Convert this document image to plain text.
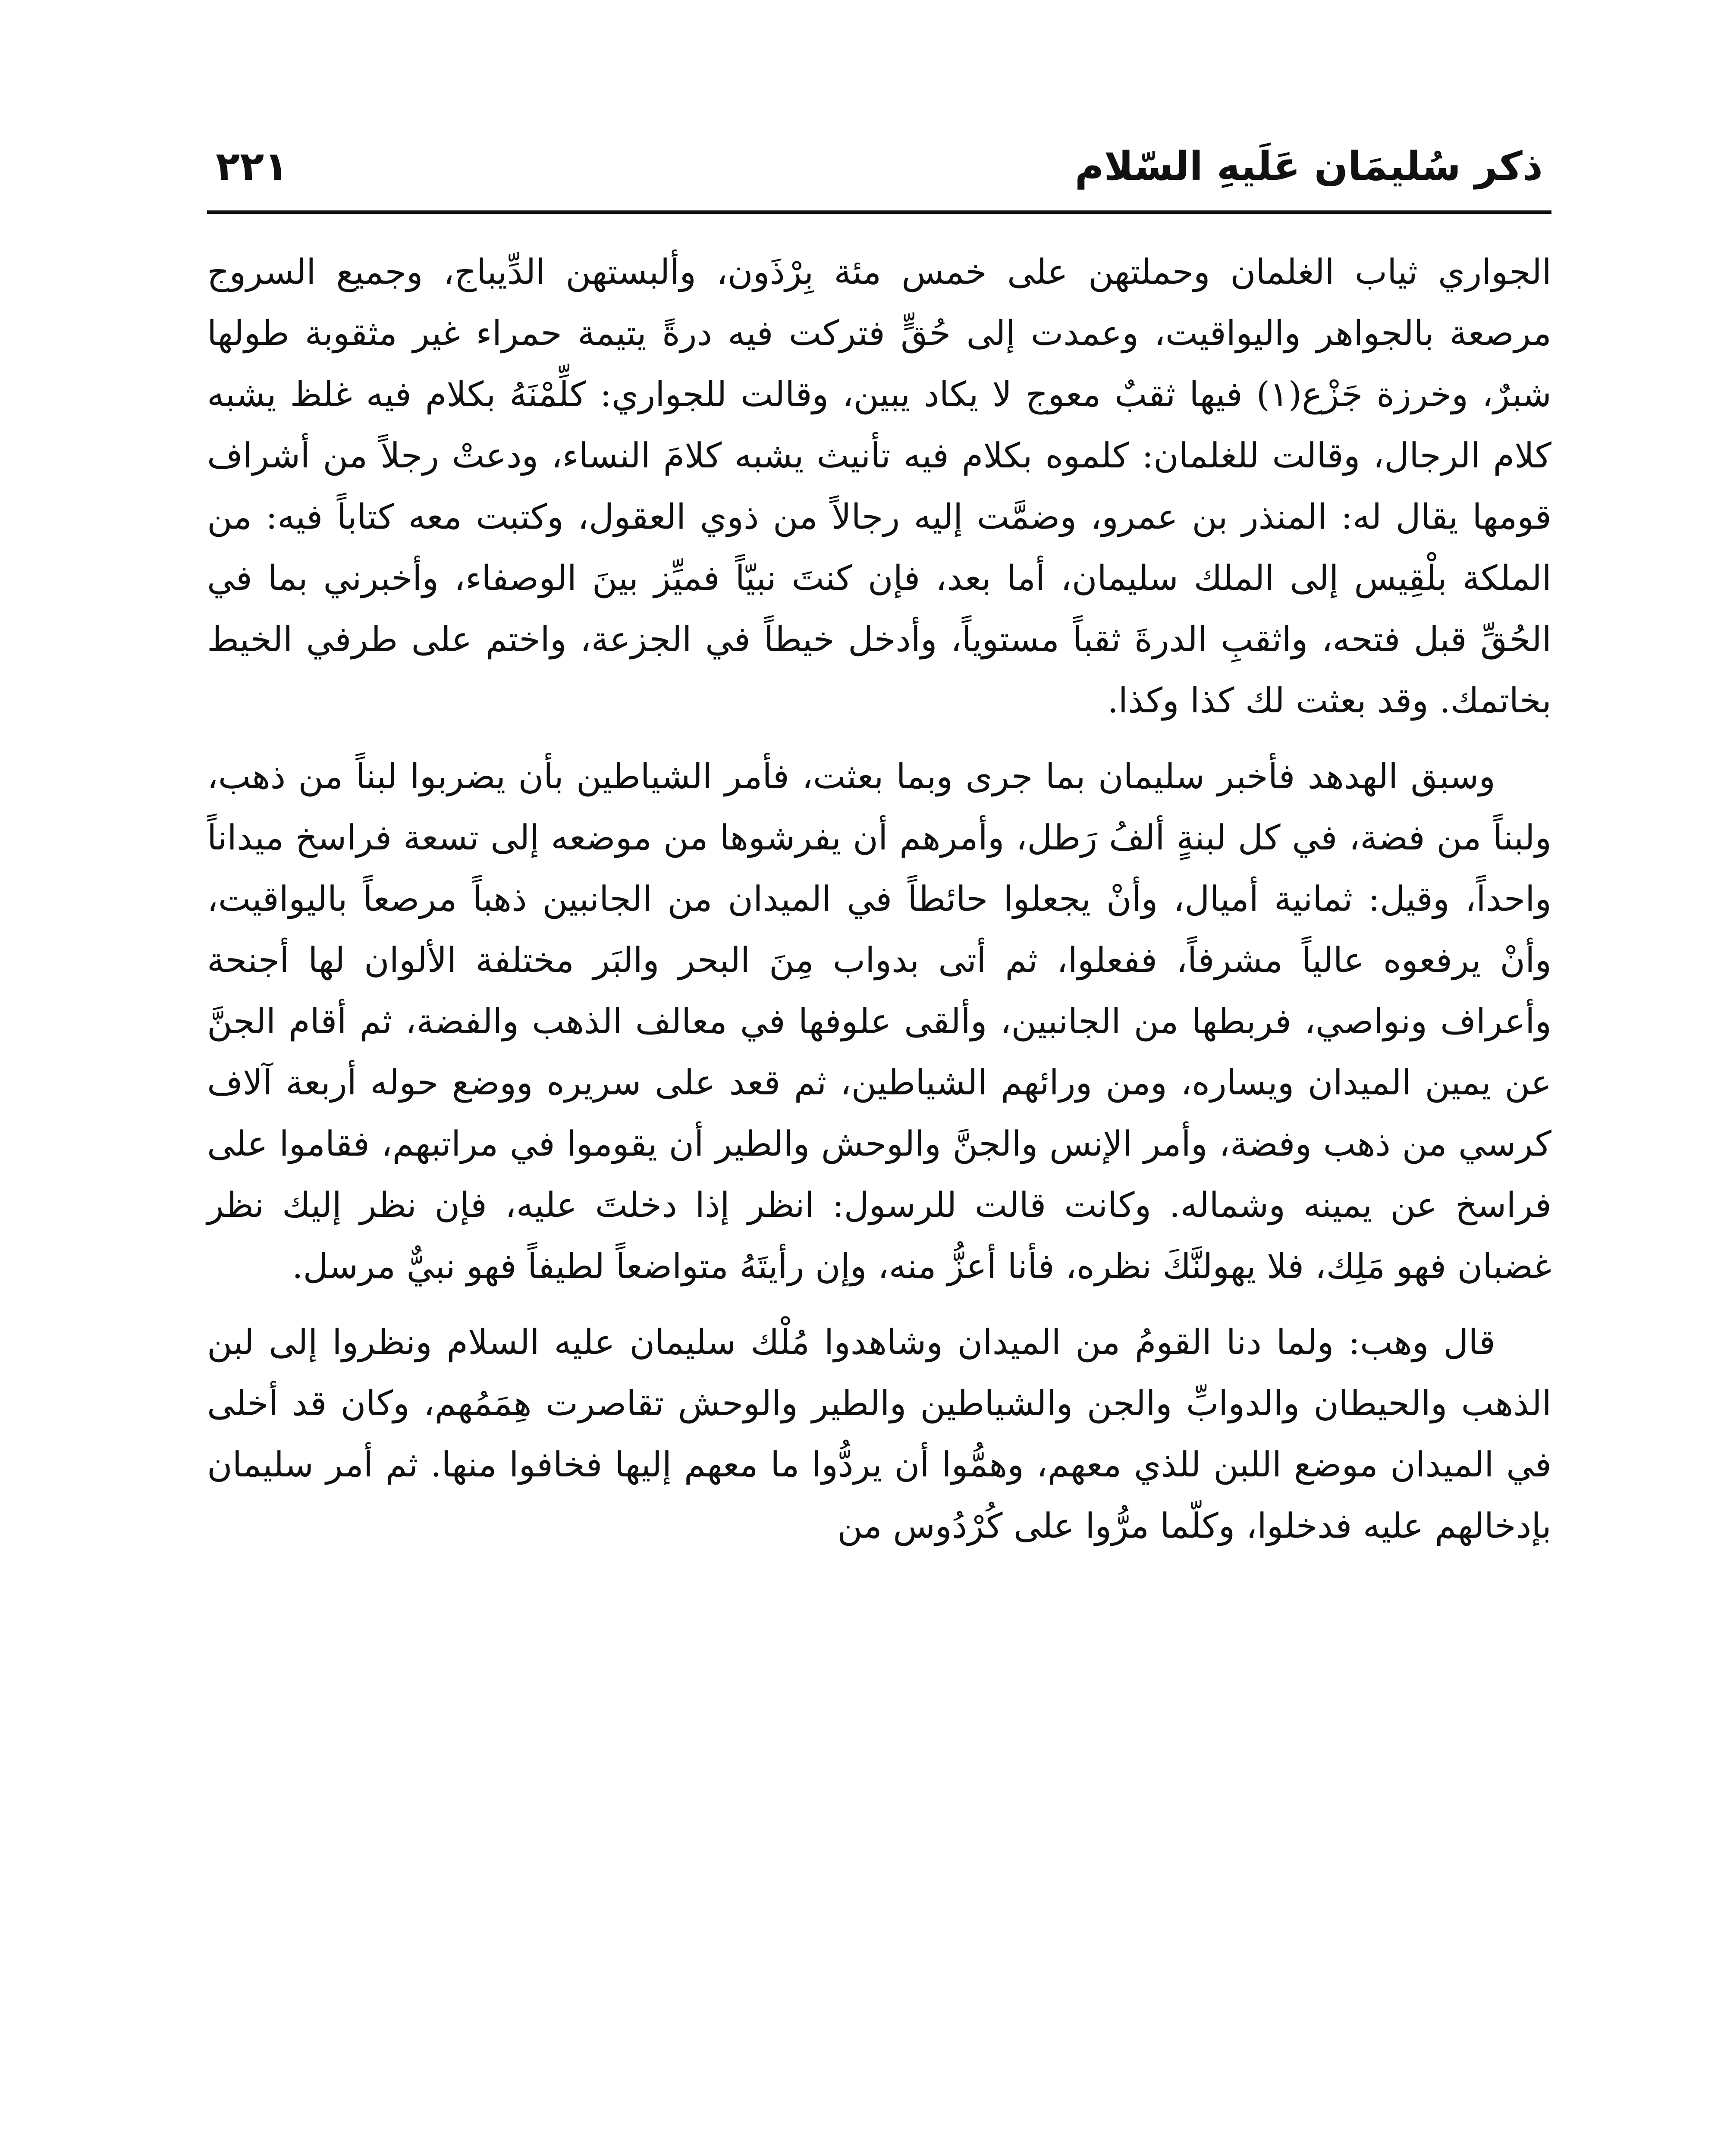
ذكر سُليمَان عَلَيهِ السّلام
٢٢١

الجواري ثياب الغلمان وحملتهن على خمس مئة بِرْذَون، وألبستهن الدِّيباج، وجميع السروج مرصعة بالجواهر واليواقيت، وعمدت إلى حُقٍّ فتركت فيه درةً يتيمة حمراء غير مثقوبة طولها شبرٌ، وخرزة جَزْع(١) فيها ثقبٌ معوج لا يكاد يبين، وقالت للجواري: كلِّمْنَهُ بكلام فيه غلظ يشبه كلام الرجال، وقالت للغلمان: كلموه بكلام فيه تأنيث يشبه كلامَ النساء، ودعتْ رجلاً من أشراف قومها يقال له: المنذر بن عمرو، وضمَّت إليه رجالاً من ذوي العقول، وكتبت معه كتاباً فيه: من الملكة بلْقِيس إلى الملك سليمان، أما بعد، فإن كنتَ نبيّاً فميِّز بينَ الوصفاء، وأخبرني بما في الحُقِّ قبل فتحه، واثقبِ الدرةَ ثقباً مستوياً، وأدخل خيطاً في الجزعة، واختم على طرفي الخيط بخاتمك. وقد بعثت لك كذا وكذا.

وسبق الهدهد فأخبر سليمان بما جرى وبما بعثت، فأمر الشياطين بأن يضربوا لبناً من ذهب، ولبناً من فضة، في كل لبنةٍ ألفُ رَطل، وأمرهم أن يفرشوها من موضعه إلى تسعة فراسخ ميداناً واحداً، وقيل: ثمانية أميال، وأنْ يجعلوا حائطاً في الميدان من الجانبين ذهباً مرصعاً باليواقيت، وأنْ يرفعوه عالياً مشرفاً، ففعلوا، ثم أتى بدواب مِنَ البحر والبَر مختلفة الألوان لها أجنحة وأعراف ونواصي، فربطها من الجانبين، وألقى علوفها في معالف الذهب والفضة، ثم أقام الجنَّ عن يمين الميدان ويساره، ومن ورائهم الشياطين، ثم قعد على سريره ووضع حوله أربعة آلاف كرسي من ذهب وفضة، وأمر الإنس والجنَّ والوحش والطير أن يقوموا في مراتبهم، فقاموا على فراسخ عن يمينه وشماله. وكانت قالت للرسول: انظر إذا دخلتَ عليه، فإن نظر إليك نظر غضبان فهو مَلِك، فلا يهولنَّكَ نظره، فأنا أعزُّ منه، وإن رأيتَهُ متواضعاً لطيفاً فهو نبيٌّ مرسل.

قال وهب: ولما دنا القومُ من الميدان وشاهدوا مُلْك سليمان عليه السلام ونظروا إلى لبن الذهب والحيطان والدوابِّ والجن والشياطين والطير والوحش تقاصرت هِمَمُهم، وكان قد أخلى في الميدان موضع اللبن للذي معهم، وهمُّوا أن يردُّوا ما معهم إليها فخافوا منها. ثم أمر سليمان بإدخالهم عليه فدخلوا، وكلّما مرُّوا على كُرْدُوس من
